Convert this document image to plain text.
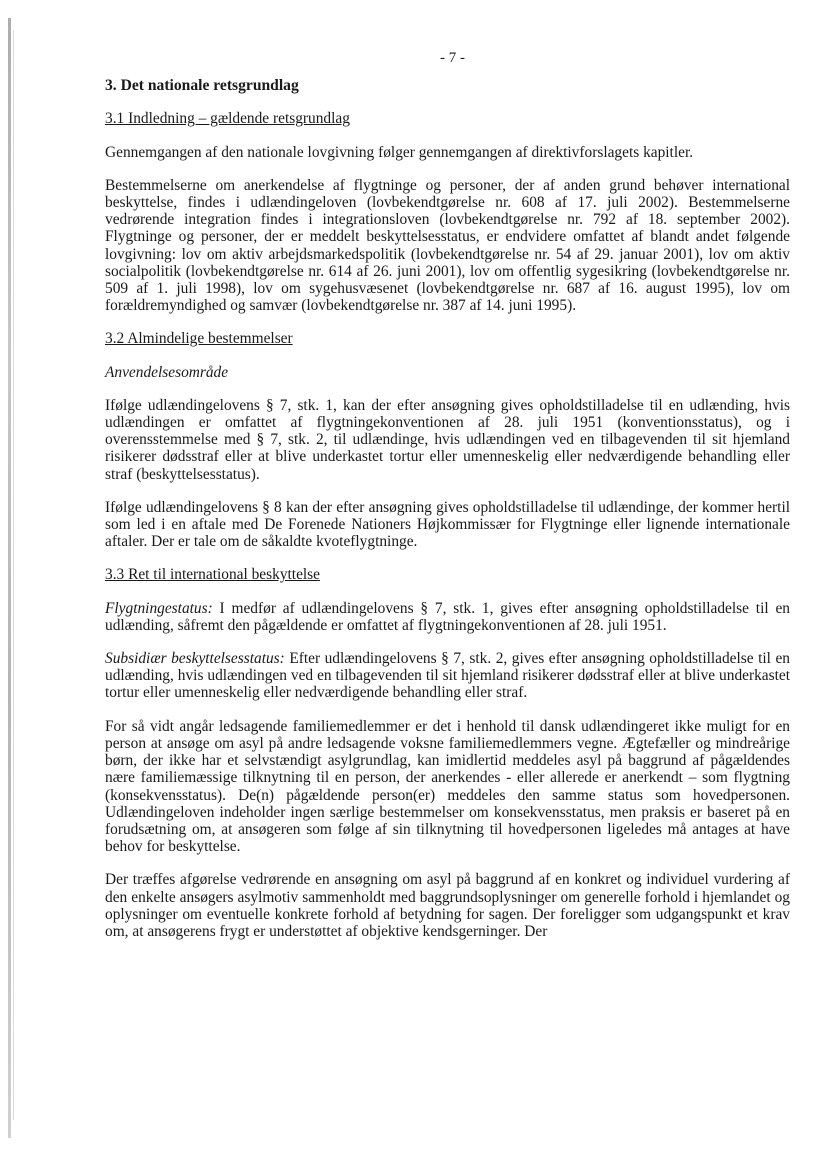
- 7 -
3. Det nationale retsgrundlag
3.1 Indledning – gældende retsgrundlag

Gennemgangen af den nationale lovgivning følger gennemgangen af direktivforslagets kapitler.

Bestemmelserne om anerkendelse af flygtninge og personer, der af anden grund behøver international beskyttelse, findes i udlændingeloven (lovbekendtgørelse nr. 608 af 17. juli 2002). Bestemmelserne vedrørende integration findes i integrationsloven (lovbekendtgørelse nr. 792 af 18. september 2002). Flygtninge og personer, der er meddelt beskyttelsesstatus, er endvidere omfattet af blandt andet følgende lovgivning: lov om aktiv arbejdsmarkedspolitik (lovbekendtgørelse nr. 54 af 29. januar 2001), lov om aktiv socialpolitik (lovbekendtgørelse nr. 614 af 26. juni 2001), lov om offentlig sygesikring (lovbekendtgørelse nr. 509 af 1. juli 1998), lov om sygehusvæsenet (lovbekendtgørelse nr. 687 af 16. august 1995), lov om forældremyndighed og samvær (lovbekendtgørelse nr. 387 af 14. juni 1995).

3.2 Almindelige bestemmelser
Anvendelsesområde

Ifølge udlændingelovens § 7, stk. 1, kan der efter ansøgning gives opholdstilladelse til en udlænding, hvis udlændingen er omfattet af flygtningekonventionen af 28. juli 1951 (konventionsstatus), og i overensstemmelse med § 7, stk. 2, til udlændinge, hvis udlændingen ved en tilbagevenden til sit hjemland risikerer dødsstraf eller at blive underkastet tortur eller umenneskelig eller nedværdigende behandling eller straf (beskyttelsesstatus).

Ifølge udlændingelovens § 8 kan der efter ansøgning gives opholdstilladelse til udlændinge, der kommer hertil som led i en aftale med De Forenede Nationers Højkommissær for Flygtninge eller lignende internationale aftaler. Der er tale om de såkaldte kvoteflygtninge.

3.3 Ret til international beskyttelse

Flygtningestatus: I medfør af udlændingelovens § 7, stk. 1, gives efter ansøgning opholdstilladelse til en udlænding, såfremt den pågældende er omfattet af flygtningekonventionen af 28. juli 1951.

Subsidiær beskyttelsesstatus: Efter udlændingelovens § 7, stk. 2, gives efter ansøgning opholdstilladelse til en udlænding, hvis udlændingen ved en tilbagevenden til sit hjemland risikerer dødsstraf eller at blive underkastet tortur eller umenneskelig eller nedværdigende behandling eller straf.

For så vidt angår ledsagende familiemedlemmer er det i henhold til dansk udlændingeret ikke muligt for en person at ansøge om asyl på andre ledsagende voksne familiemedlemmers vegne. Ægtefæller og mindreårige børn, der ikke har et selvstændigt asylgrundlag, kan imidlertid meddeles asyl på baggrund af pågældendes nære familiemæssige tilknytning til en person, der anerkendes - eller allerede er anerkendt – som flygtning (konsekvensstatus). De(n) pågældende person(er) meddeles den samme status som hovedpersonen. Udlændingeloven indeholder ingen særlige bestemmelser om konsekvensstatus, men praksis er baseret på en forudsætning om, at ansøgeren som følge af sin tilknytning til hovedpersonen ligeledes må antages at have behov for beskyttelse.

Der træffes afgørelse vedrørende en ansøgning om asyl på baggrund af en konkret og individuel vurdering af den enkelte ansøgers asylmotiv sammenholdt med baggrundsoplysninger om generelle forhold i hjemlandet og oplysninger om eventuelle konkrete forhold af betydning for sagen. Der foreligger som udgangspunkt et krav om, at ansøgerens frygt er understøttet af objektive kendsgerninger. Der
